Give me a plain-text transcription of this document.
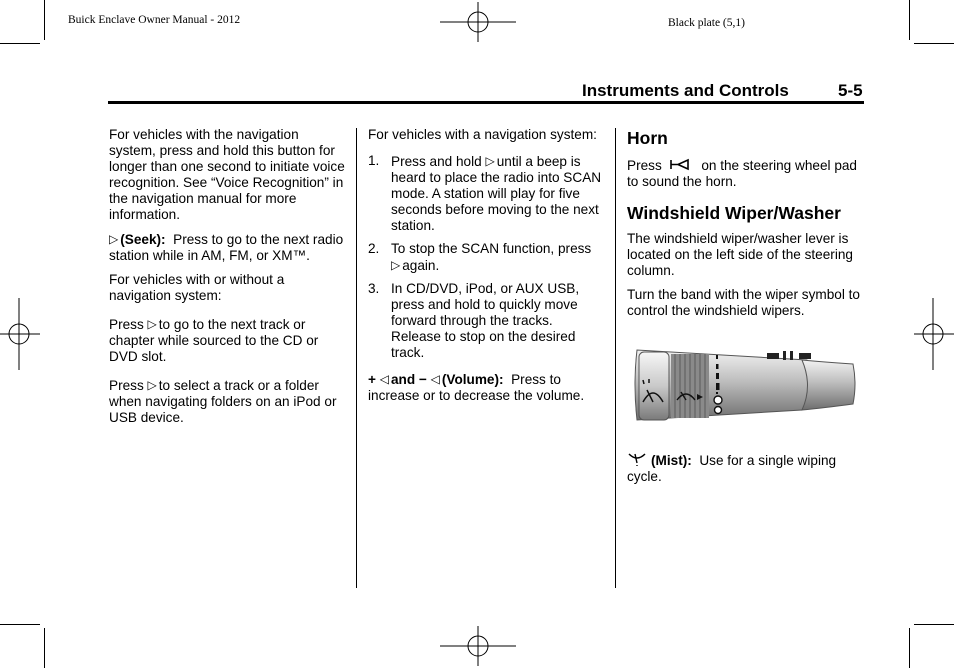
Buick Enclave Owner Manual - 2012	Black plate (5,1)
Instruments and Controls	5-5

For vehicles with the navigation system, press and hold this button for longer than one second to initiate voice recognition. See “Voice Recognition” in the navigation manual for more information.

▷ (Seek): Press to go to the next radio station while in AM, FM, or XM™.

For vehicles with or without a navigation system:

Press ▷ to go to the next track or chapter while sourced to the CD or DVD slot.

Press ▷ to select a track or a folder when navigating folders on an iPod or USB device.

For vehicles with a navigation system:

1. Press and hold ▷ until a beep is heard to place the radio into SCAN mode. A station will play for five seconds before moving to the next station.
2. To stop the SCAN function, press ▷ again.
3. In CD/DVD, iPod, or AUX USB, press and hold to quickly move forward through the tracks. Release to stop on the desired track.

+ ◁ and − ◁ (Volume): Press to increase or to decrease the volume.

Horn

Press	on the steering wheel pad to sound the horn.

Windshield Wiper/Washer

The windshield wiper/washer lever is located on the left side of the steering column.

Turn the band with the wiper symbol to control the windshield wipers.

(Mist): Use for a single wiping cycle.
